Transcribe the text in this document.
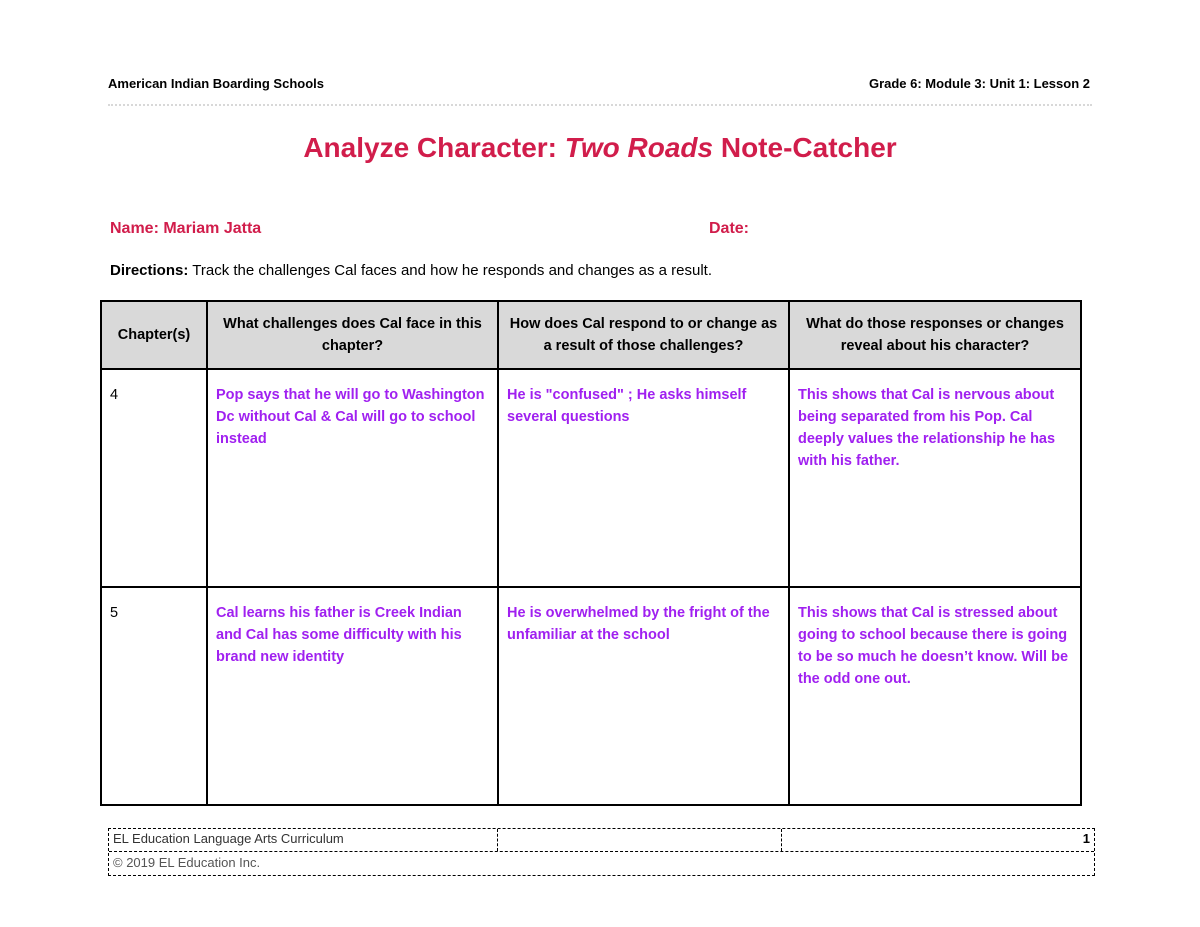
American Indian Boarding Schools	Grade 6: Module 3: Unit 1: Lesson 2
Analyze Character: Two Roads Note-Catcher
Name: Mariam Jatta	Date:
Directions: Track the challenges Cal faces and how he responds and changes as a result.
Chapter(s)	What challenges does Cal face in this chapter?	How does Cal respond to or change as a result of those challenges?	What do those responses or changes reveal about his character?
4	Pop says that he will go to Washington Dc without Cal & Cal will go to school instead	He is "confused" ; He asks himself several questions	This shows that Cal is nervous about being separated from his Pop. Cal deeply values the relationship he has with his father.
5	Cal learns his father is Creek Indian and Cal has some difficulty with his brand new identity	He is overwhelmed by the fright of the unfamiliar at the school	This shows that Cal is stressed about going to school because there is going to be so much he doesn’t know. Will be the odd one out.
EL Education Language Arts Curriculum	1
© 2019 EL Education Inc.
